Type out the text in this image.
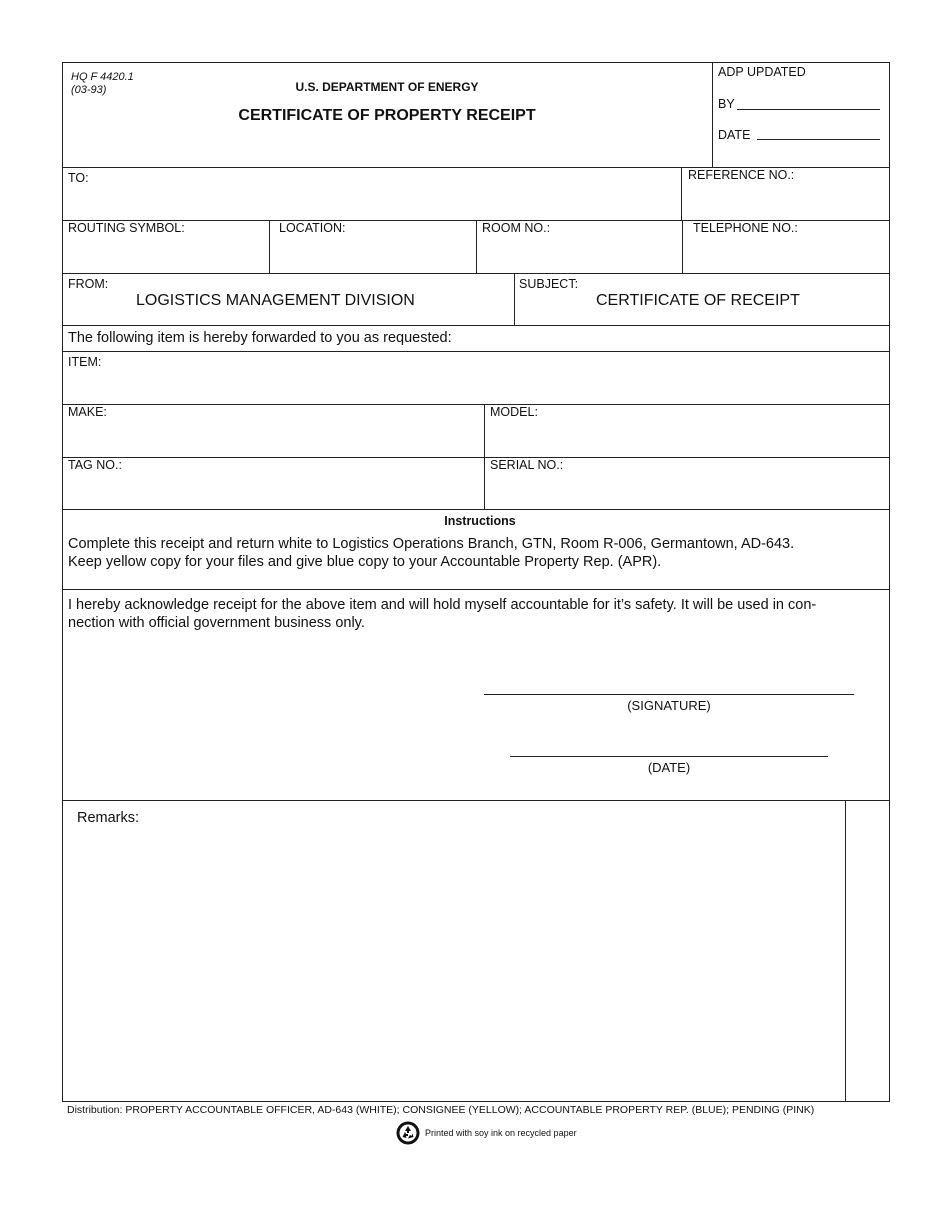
HQ F 4420.1
(03-93)	U.S. DEPARTMENT OF ENERGY
CERTIFICATE OF PROPERTY RECEIPT
ADP UPDATED
BY
DATE
TO:	REFERENCE NO.:
ROUTING SYMBOL:	LOCATION:	ROOM NO.:	TELEPHONE NO.:
FROM:
LOGISTICS MANAGEMENT DIVISION
SUBJECT:
CERTIFICATE OF RECEIPT
The following item is hereby forwarded to you as requested:
ITEM:
MAKE:	MODEL:
TAG NO.:	SERIAL NO.:
Instructions
Complete this receipt and return white to Logistics Operations Branch, GTN, Room R-006, Germantown, AD-643.
Keep yellow copy for your files and give blue copy to your Accountable Property Rep. (APR).
I hereby acknowledge receipt for the above item and will hold myself accountable for it’s safety. It will be used in con-
nection with official government business only.
(SIGNATURE)
(DATE)
Remarks:
Distribution: PROPERTY ACCOUNTABLE OFFICER, AD-643 (WHITE); CONSIGNEE (YELLOW); ACCOUNTABLE PROPERTY REP. (BLUE); PENDING (PINK)
Printed with soy ink on recycled paper
